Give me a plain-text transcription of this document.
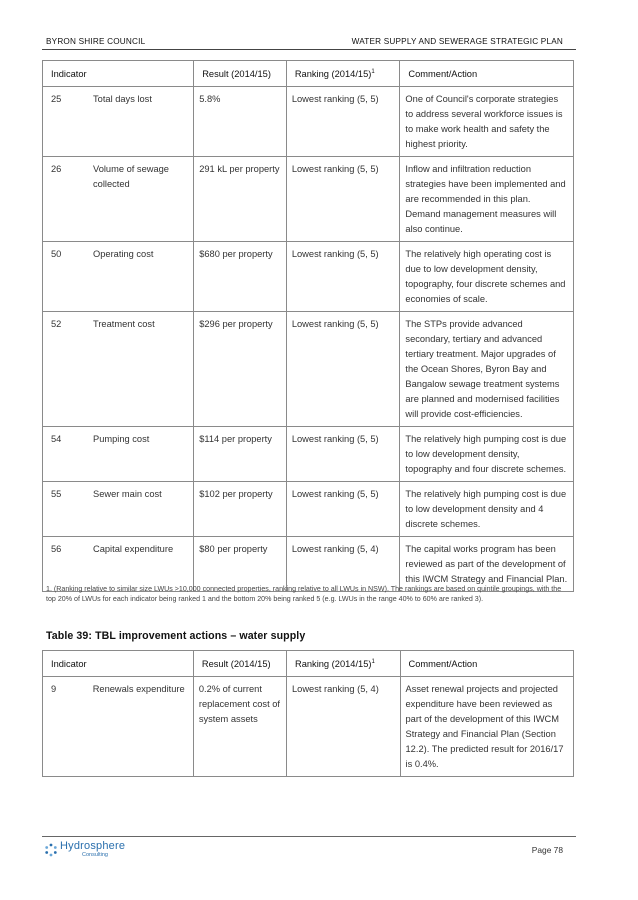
BYRON SHIRE COUNCIL	WATER SUPPLY AND SEWERAGE STRATEGIC PLAN
Indicator		Result (2014/15)	Ranking $(2014/15)^1$	Comment/Action
25	Total days lost	5.8%	Lowest ranking (5, 5)	One of Council's corporate strategies to address several workforce issues is to make work health and safety the highest priority.
26	Volume of sewage collected	291 kL per property	Lowest ranking (5, 5)	Inflow and infiltration reduction strategies have been implemented and are recommended in this plan. Demand management measures will also continue.
50	Operating cost	$680 per property	Lowest ranking (5, 5)	The relatively high operating cost is due to low development density, topography, four discrete schemes and economies of scale.
52	Treatment cost	$296 per property	Lowest ranking (5, 5)	The STPs provide advanced secondary, tertiary and advanced tertiary treatment. Major upgrades of the Ocean Shores, Byron Bay and Bangalow sewage treatment systems are planned and modernised facilities will provide cost-efficiencies.
54	Pumping cost	$114 per property	Lowest ranking (5, 5)	The relatively high pumping cost is due to low development density, topography and four discrete schemes.
55	Sewer main cost	$102 per property	Lowest ranking (5, 5)	The relatively high pumping cost is due to low development density and 4 discrete schemes.
56	Capital expenditure	$80 per property	Lowest ranking (5, 4)	The capital works program has been reviewed as part of the development of this IWCM Strategy and Financial Plan.
1. (Ranking relative to similar size LWUs >10,000 connected properties, ranking relative to all LWUs in NSW). The rankings are based on quintile groupings, with the top 20% of LWUs for each indicator being ranked 1 and the bottom 20% being ranked 5 (e.g. LWUs in the range 40% to 60% are ranked 3).
Table 39: TBL improvement actions – water supply
Indicator		Result (2014/15)	Ranking $(2014/15)^1$	Comment/Action
9	Renewals expenditure	0.2% of current replacement cost of system assets	Lowest ranking (5, 4)	Asset renewal projects and projected expenditure have been reviewed as part of the development of this IWCM Strategy and Financial Plan (Section 12.2). The predicted result for 2016/17 is 0.4%.
Hydrosphere
Consulting	Page 78
